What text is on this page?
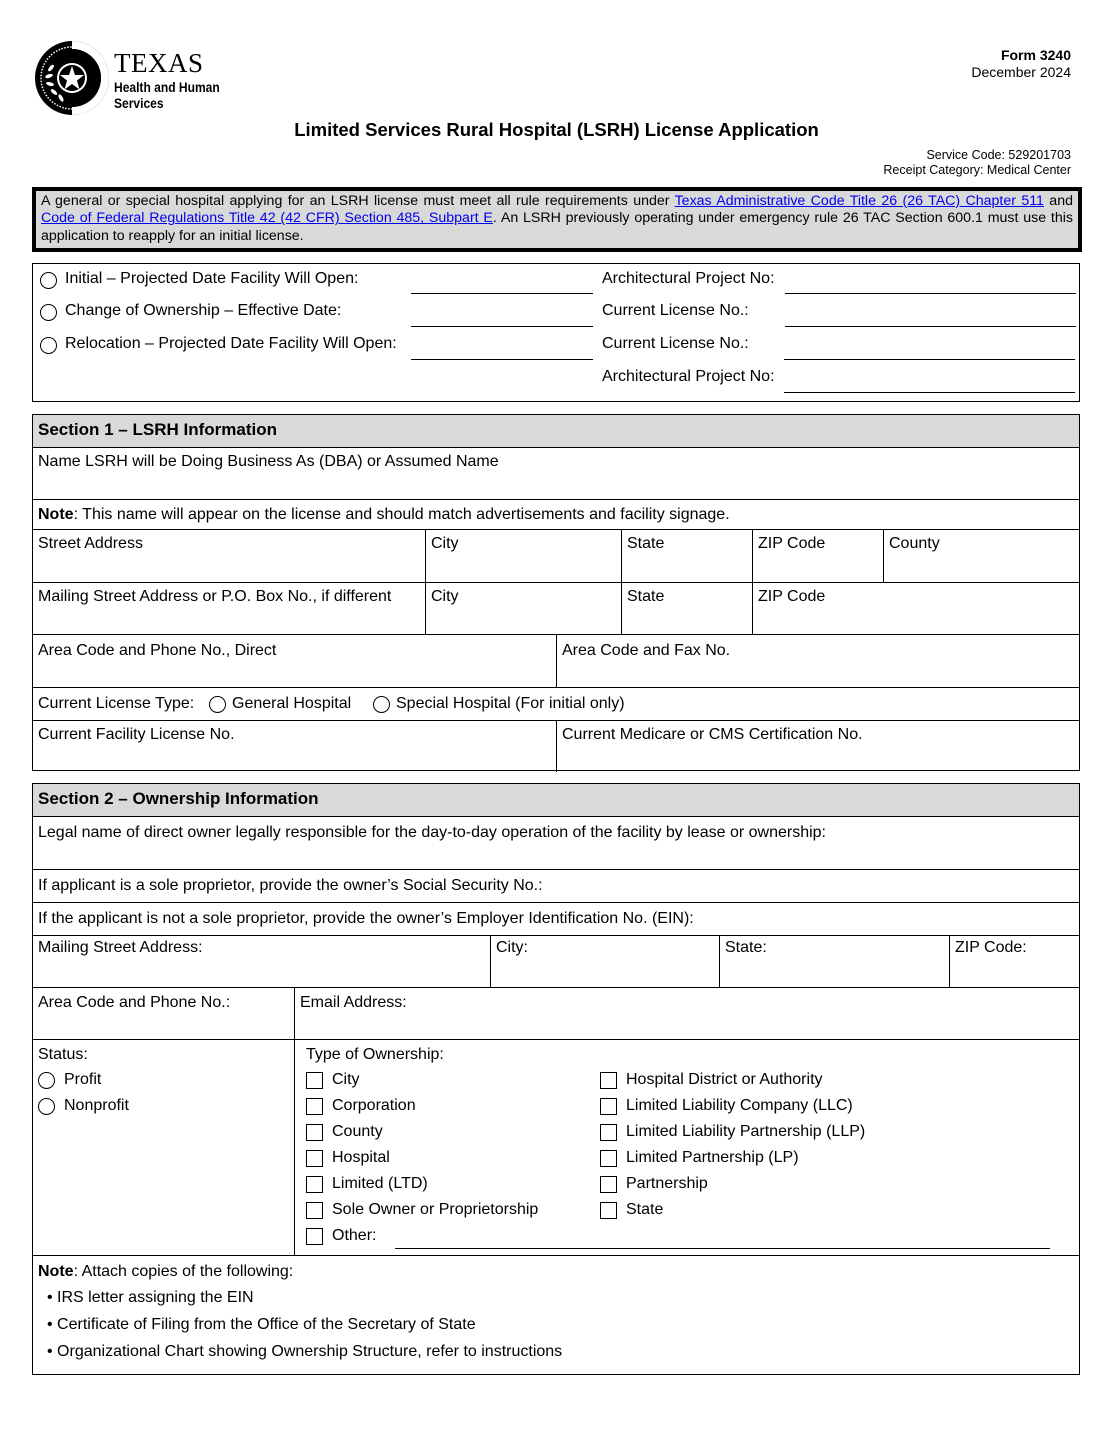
TEXAS
Health and Human
Services
Form 3240
December 2024
Limited Services Rural Hospital (LSRH) License Application
Service Code: 529201703
Receipt Category: Medical Center
A general or special hospital applying for an LSRH license must meet all rule requirements under Texas Administrative Code Title 26 (26 TAC) Chapter 511 and Code of Federal Regulations Title 42 (42 CFR) Section 485, Subpart E. An LSRH previously operating under emergency rule 26 TAC Section 600.1 must use this application to reapply for an initial license.
Initial – Projected Date Facility Will Open:
Change of Ownership – Effective Date:
Relocation – Projected Date Facility Will Open:
Architectural Project No:
Current License No.:
Current License No.:
Architectural Project No:
Section 1 – LSRH Information
Name LSRH will be Doing Business As (DBA) or Assumed Name
Note: This name will appear on the license and should match advertisements and facility signage.
Street Address	City	State	ZIP Code	County
Mailing Street Address or P.O. Box No., if different	City	State	ZIP Code
Area Code and Phone No., Direct	Area Code and Fax No.
Current License Type: General Hospital	Special Hospital (For initial only)
Current Facility License No.	Current Medicare or CMS Certification No.
Section 2 – Ownership Information
Legal name of direct owner legally responsible for the day-to-day operation of the facility by lease or ownership:
If applicant is a sole proprietor, provide the owner’s Social Security No.:
If the applicant is not a sole proprietor, provide the owner’s Employer Identification No. (EIN):
Mailing Street Address:	City:	State:	ZIP Code:
Area Code and Phone No.:	Email Address:
Status:
Profit
Nonprofit
Type of Ownership:
City
Corporation
County
Hospital
Limited (LTD)
Sole Owner or Proprietorship
Other:
Hospital District or Authority
Limited Liability Company (LLC)
Limited Liability Partnership (LLP)
Limited Partnership (LP)
Partnership
State
Note: Attach copies of the following:
• IRS letter assigning the EIN
• Certificate of Filing from the Office of the Secretary of State
• Organizational Chart showing Ownership Structure, refer to instructions
